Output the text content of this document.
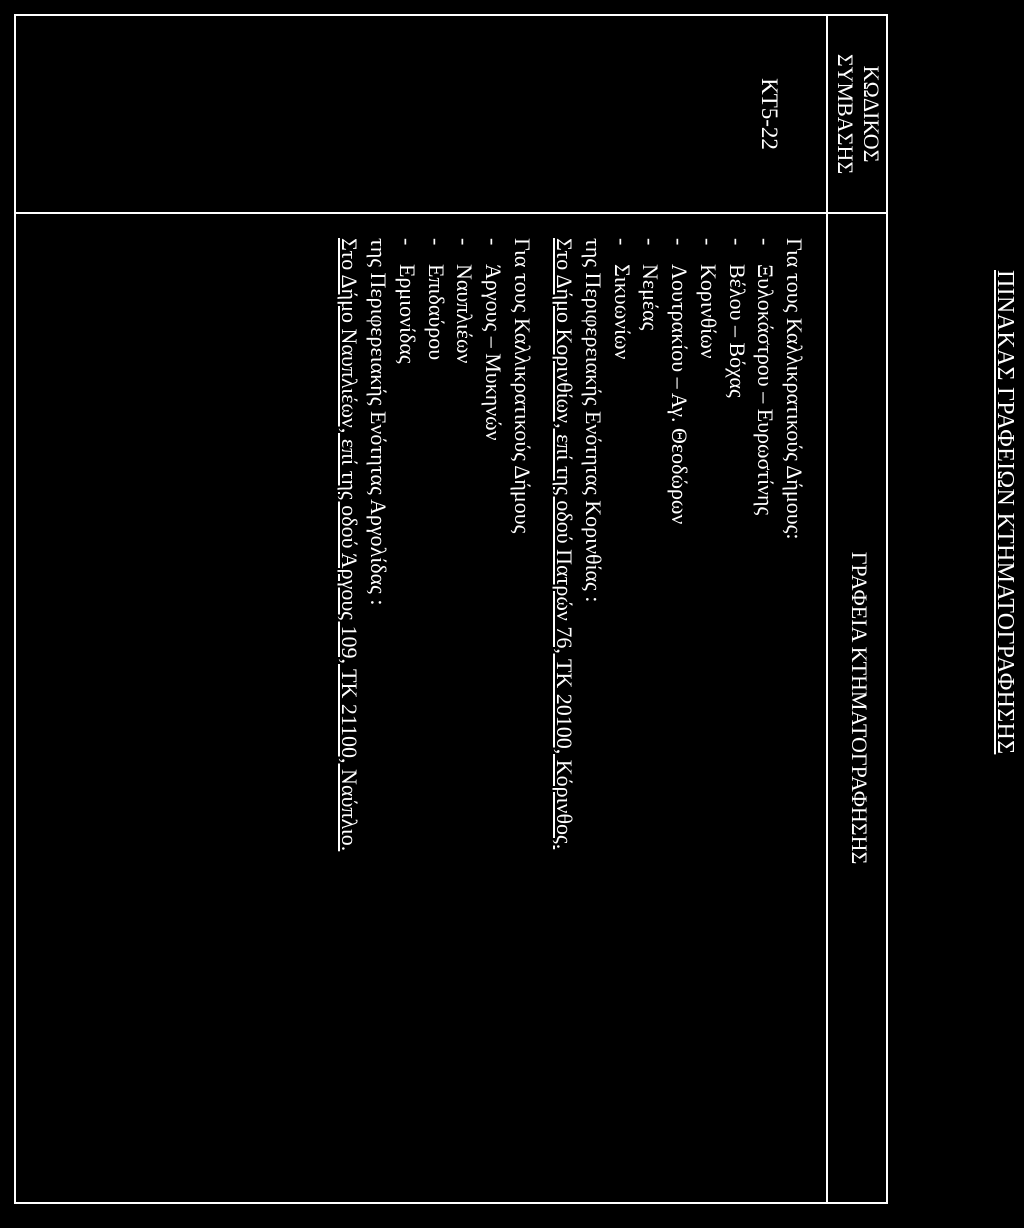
ΠΙΝΑΚΑΣ ΓΡΑΦΕΙΩΝ ΚΤΗΜΑΤΟΓΡΑΦΗΣΗΣ
ΚΩΔΙΚΟΣ
ΣΥΜΒΑΣΗΣ
ΓΡΑΦΕΙΑ ΚΤΗΜΑΤΟΓΡΑΦΗΣΗΣ
ΚΤ5-22
Για τους Καλλικρατικούς Δήμους:
-Ξυλοκάστρου – Ευρωστίνης
-Βέλου – Βόχας
-Κορινθίων
-Λουτρακίου – Αγ. Θεοδώρων
-Νεμέας
-Σικυωνίων
της Περιφερειακής Ενότητας Κορινθίας :
Στο Δήμο Κορινθίων, επί της οδού Πατρών 76, ΤΚ 20100, Κόρινθος.
Για τους Καλλικρατικούς Δήμους
-Άργους – Μυκηνών
-Ναυπλιέων
-Επιδαύρου
-Ερμιονίδας
της Περιφερειακής Ενότητας Αργολίδας :
Στο Δήμο Ναυπλιέων, επί της οδού Άργους 109, ΤΚ 21100, Ναύπλιο.
